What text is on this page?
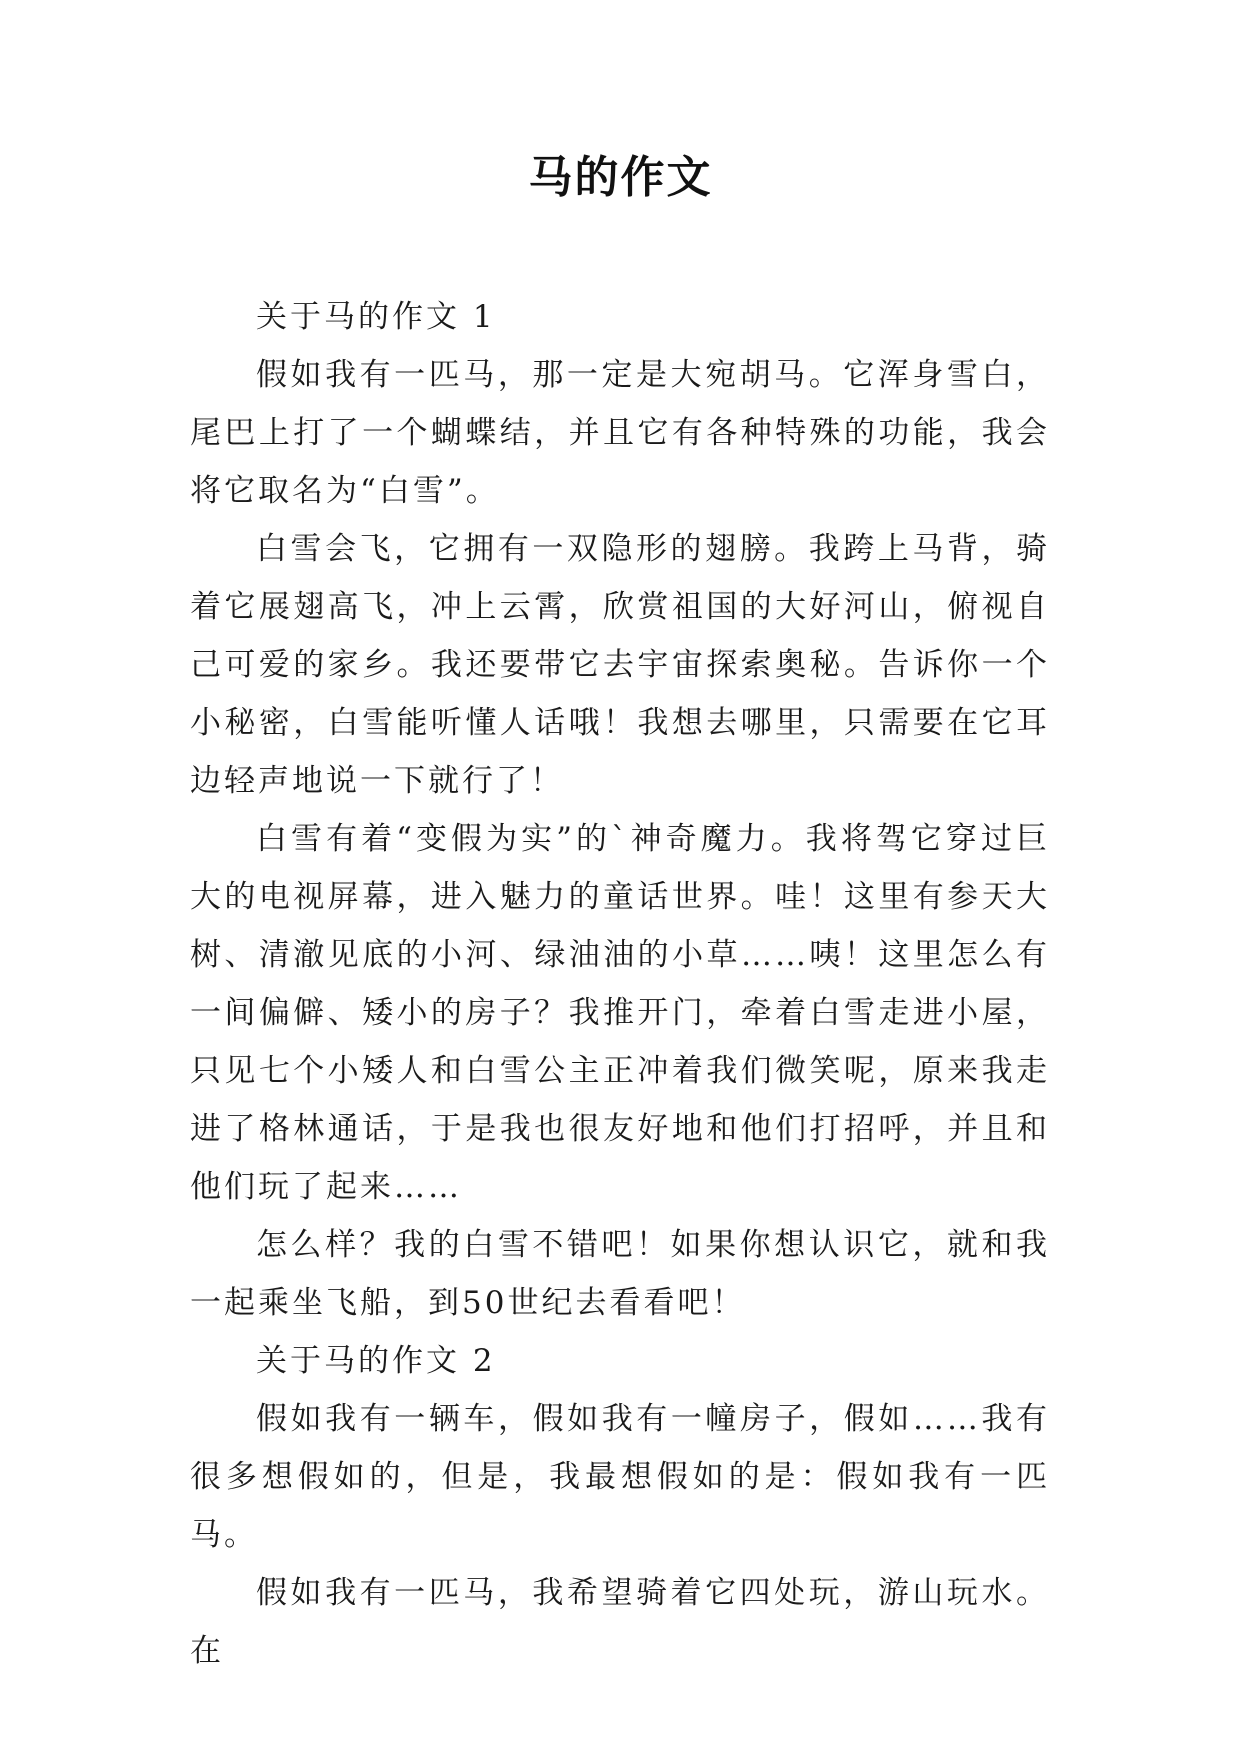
马的作文

关于马的作文 1

假如我有一匹马，那一定是大宛胡马。它浑身雪白，尾巴上打了一个蝴蝶结，并且它有各种特殊的功能，我会将它取名为“白雪”。

白雪会飞，它拥有一双隐形的翅膀。我跨上马背，骑着它展翅高飞，冲上云霄，欣赏祖国的大好河山，俯视自己可爱的家乡。我还要带它去宇宙探索奥秘。告诉你一个小秘密，白雪能听懂人话哦！我想去哪里，只需要在它耳边轻声地说一下就行了！

白雪有着“变假为实”的`神奇魔力。我将驾它穿过巨大的电视屏幕，进入魅力的童话世界。哇！这里有参天大树、清澈见底的小河、绿油油的小草……咦！这里怎么有一间偏僻、矮小的房子？我推开门，牵着白雪走进小屋，只见七个小矮人和白雪公主正冲着我们微笑呢，原来我走进了格林通话，于是我也很友好地和他们打招呼，并且和他们玩了起来……

怎么样？我的白雪不错吧！如果你想认识它，就和我一起乘坐飞船，到50世纪去看看吧！

关于马的作文 2

假如我有一辆车，假如我有一幢房子，假如……我有很多想假如的，但是，我最想假如的是：假如我有一匹马。

假如我有一匹马，我希望骑着它四处玩，游山玩水。在
